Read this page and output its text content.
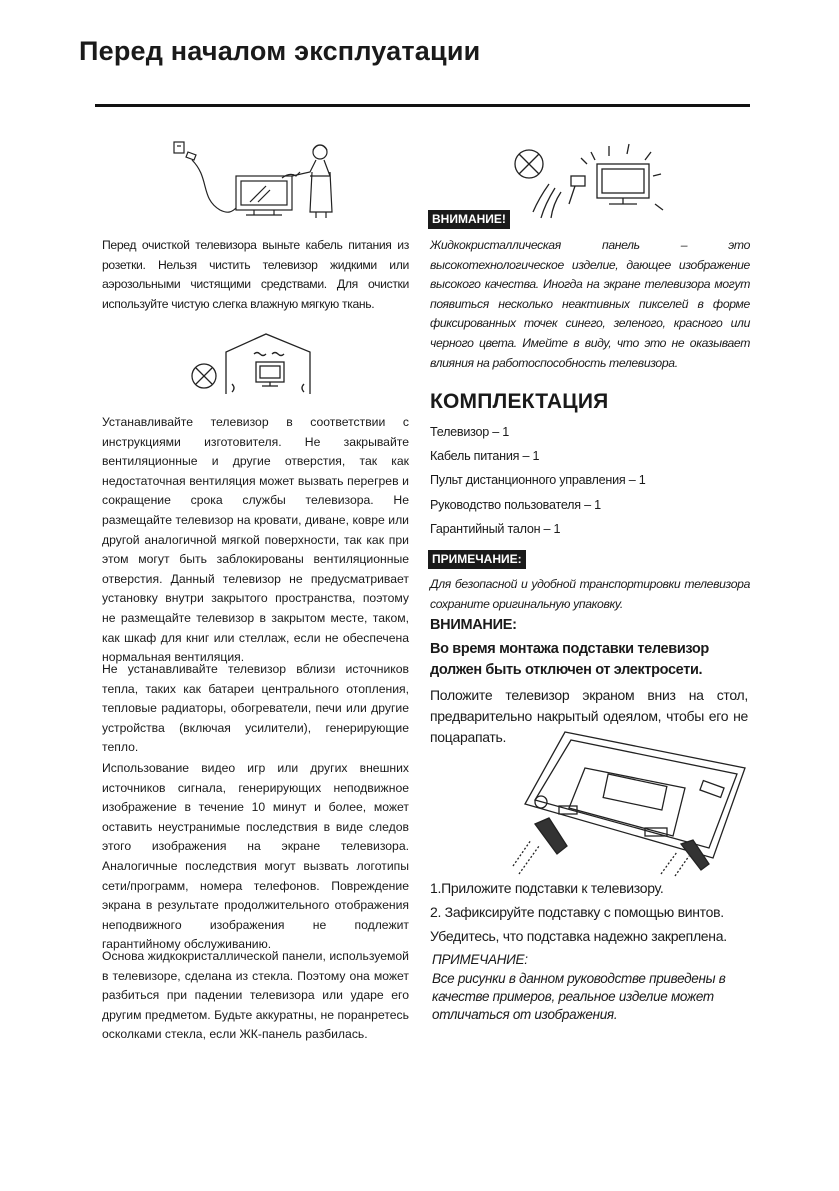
Перед началом эксплуатации

Перед очисткой телевизора выньте кабель питания из розетки. Нельзя чистить телевизор жидкими или аэрозольными чистящими средствами. Для очистки используйте чистую слегка влажную мягкую ткань.

Устанавливайте телевизор в соответствии с инструкциями изготовителя. Не закрывайте вентиляционные и другие отверстия, так как недостаточная вентиляция может вызвать перегрев и сокращение срока службы телевизора. Не размещайте телевизор на кровати, диване, ковре или другой аналогичной мягкой поверхности, так как при этом могут быть заблокированы вентиляционные отверстия. Данный телевизор не предусматривает установку внутри закрытого пространства, поэтому не размещайте телевизор в закрытом месте, таком, как шкаф для книг или стеллаж, если не обеспечена нормальная вентиляция.

Не устанавливайте телевизор вблизи источников тепла, таких как батареи центрального отопления, тепловые радиаторы, обогреватели, печи или другие устройства (включая усилители), генерирующие тепло.

Использование видео игр или других внешних источников сигнала, генерирующих неподвижное изображение в течение 10 минут и более, может оставить неустранимые последствия в виде следов этого изображения на экране телевизора. Аналогичные последствия могут вызвать логотипы сети/программ, номера телефонов. Повреждение экрана в результате продолжительного отображения неподвижного изображения не подлежит гарантийному обслуживанию.

Основа жидкокристаллической панели, используемой в телевизоре, сделана из стекла. Поэтому она может разбиться при падении телевизора или ударе его другим предметом. Будьте аккуратны, не поранретесь осколками стекла, если ЖК-панель разбилась.

ВНИМАНИЕ!

Жидкокристаллическая панель – это высокотехнологическое изделие, дающее изображение высокого качества. Иногда на экране телевизора могут появиться несколько неактивных пикселей в форме фиксированных точек синего, зеленого, красного или черного цвета. Имейте в виду, что это не оказывает влияния на работоспособность телевизора.

КОМПЛЕКТАЦИЯ
Телевизор – 1
Кабель питания – 1
Пульт дистанционного управления – 1
Руководство пользователя – 1
Гарантийный талон – 1
ПРИМЕЧАНИЕ:

Для безопасной и удобной транспортировки телевизора сохраните оригинальную упаковку.

ВНИМАНИЕ:
Во время монтажа подставки телевизор должен быть отключен от электросети.

Положите телевизор экраном вниз на стол, предварительно накрытый одеялом, чтобы его не поцарапать.

1.Приложите подставки к телевизору.
2. Зафиксируйте подставку с помощью винтов.
Убедитесь, что подставка надежно закреплена.
ПРИМЕЧАНИЕ:

Все рисунки в данном руководстве приведены в качестве примеров, реальное изделие может отличаться от изображения.
